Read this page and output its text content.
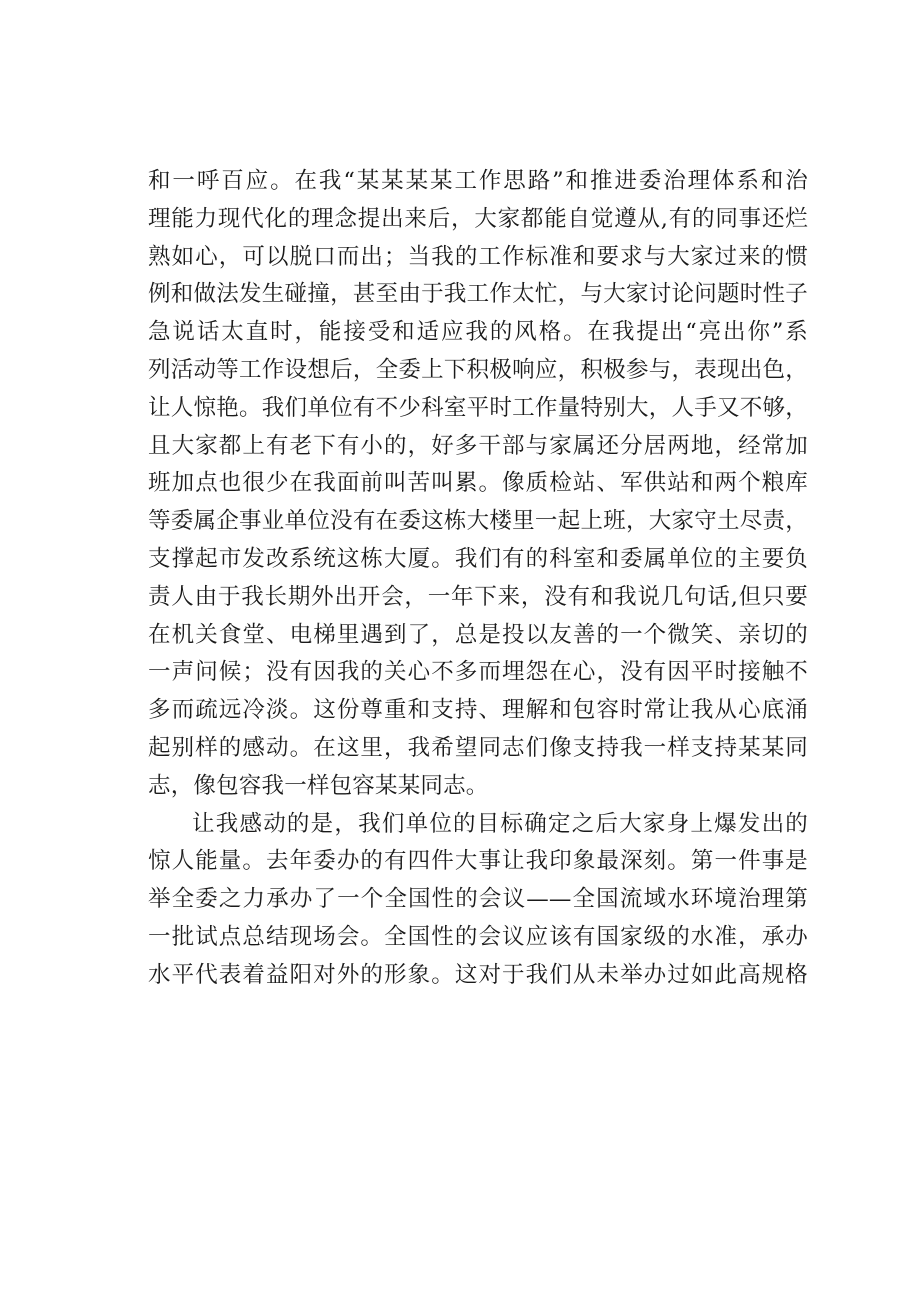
和一呼百应。在我“某某某某工作思路”和推进委治理体系和治
理能力现代化的理念提出来后，大家都能自觉遵从,有的同事还烂
熟如心，可以脱口而出；当我的工作标准和要求与大家过来的惯
例和做法发生碰撞，甚至由于我工作太忙，与大家讨论问题时性子
急说话太直时，能接受和适应我的风格。在我提出“亮出你”系
列活动等工作设想后，全委上下积极响应，积极参与，表现出色，
让人惊艳。我们单位有不少科室平时工作量特别大，人手又不够，
且大家都上有老下有小的，好多干部与家属还分居两地，经常加
班加点也很少在我面前叫苦叫累。像质检站、军供站和两个粮库
等委属企事业单位没有在委这栋大楼里一起上班，大家守土尽责，
支撑起市发改系统这栋大厦。我们有的科室和委属单位的主要负
责人由于我长期外出开会，一年下来，没有和我说几句话,但只要
在机关食堂、电梯里遇到了，总是投以友善的一个微笑、亲切的
一声问候；没有因我的关心不多而埋怨在心，没有因平时接触不
多而疏远冷淡。这份尊重和支持、理解和包容时常让我从心底涌
起别样的感动。在这里，我希望同志们像支持我一样支持某某同
志，像包容我一样包容某某同志。
让我感动的是，我们单位的目标确定之后大家身上爆发出的
惊人能量。去年委办的有四件大事让我印象最深刻。第一件事是
举全委之力承办了一个全国性的会议——全国流域水环境治理第
一批试点总结现场会。全国性的会议应该有国家级的水准，承办
水平代表着益阳对外的形象。这对于我们从未举办过如此高规格
